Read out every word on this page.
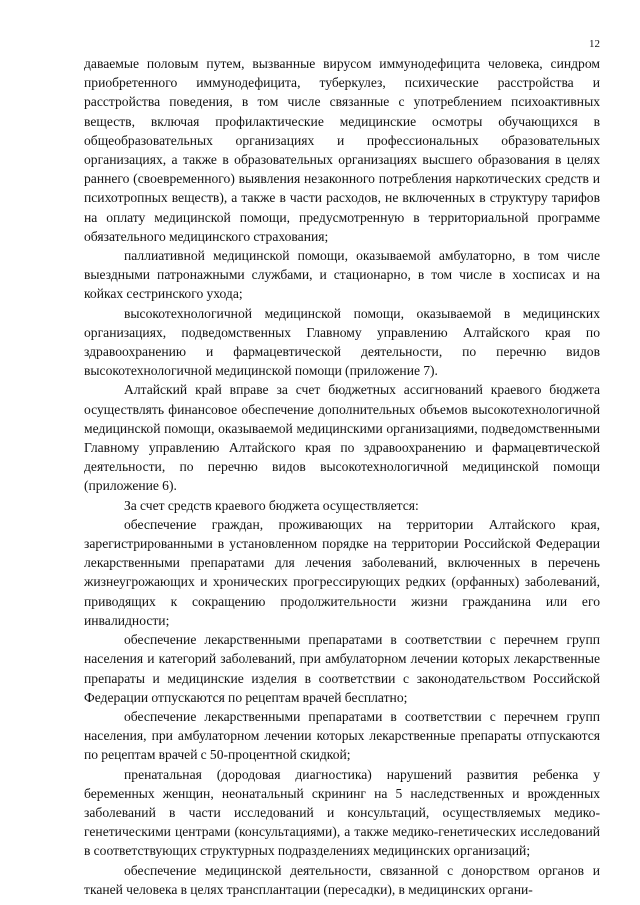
12

даваемые половым путем, вызванные вирусом иммунодефицита человека, синдром приобретенного иммунодефицита, туберкулез, психические расстройства и расстройства поведения, в том числе связанные с употреблением психоактивных веществ, включая профилактические медицинские осмотры обучающихся в общеобразовательных организациях и профессиональных образовательных организациях, а также в образовательных организациях высшего образования в целях раннего (своевременного) выявления незаконного потребления наркотических средств и психотропных веществ), а также в части расходов, не включенных в структуру тарифов на оплату медицинской помощи, предусмотренную в территориальной программе обязательного медицинского страхования;

паллиативной медицинской помощи, оказываемой амбулаторно, в том числе выездными патронажными службами, и стационарно, в том числе в хосписах и на койках сестринского ухода;

высокотехнологичной медицинской помощи, оказываемой в медицинских организациях, подведомственных Главному управлению Алтайского края по здравоохранению и фармацевтической деятельности, по перечню видов высокотехнологичной медицинской помощи (приложение 7).

Алтайский край вправе за счет бюджетных ассигнований краевого бюджета осуществлять финансовое обеспечение дополнительных объемов высокотехнологичной медицинской помощи, оказываемой медицинскими организациями, подведомственными Главному управлению Алтайского края по здравоохранению и фармацевтической деятельности, по перечню видов высокотехнологичной медицинской помощи (приложение 6).

За счет средств краевого бюджета осуществляется:

обеспечение граждан, проживающих на территории Алтайского края, зарегистрированными в установленном порядке на территории Российской Федерации лекарственными препаратами для лечения заболеваний, включенных в перечень жизнеугрожающих и хронических прогрессирующих редких (орфанных) заболеваний, приводящих к сокращению продолжительности жизни гражданина или его инвалидности;

обеспечение лекарственными препаратами в соответствии с перечнем групп населения и категорий заболеваний, при амбулаторном лечении которых лекарственные препараты и медицинские изделия в соответствии с законодательством Российской Федерации отпускаются по рецептам врачей бесплатно;

обеспечение лекарственными препаратами в соответствии с перечнем групп населения, при амбулаторном лечении которых лекарственные препараты отпускаются по рецептам врачей с 50-процентной скидкой;

пренатальная (дородовая диагностика) нарушений развития ребенка у беременных женщин, неонатальный скрининг на 5 наследственных и врожденных заболеваний в части исследований и консультаций, осуществляемых медико-генетическими центрами (консультациями), а также медико-генетических исследований в соответствующих структурных подразделениях медицинских организаций;

обеспечение медицинской деятельности, связанной с донорством органов и тканей человека в целях трансплантации (пересадки), в медицинских органи-
